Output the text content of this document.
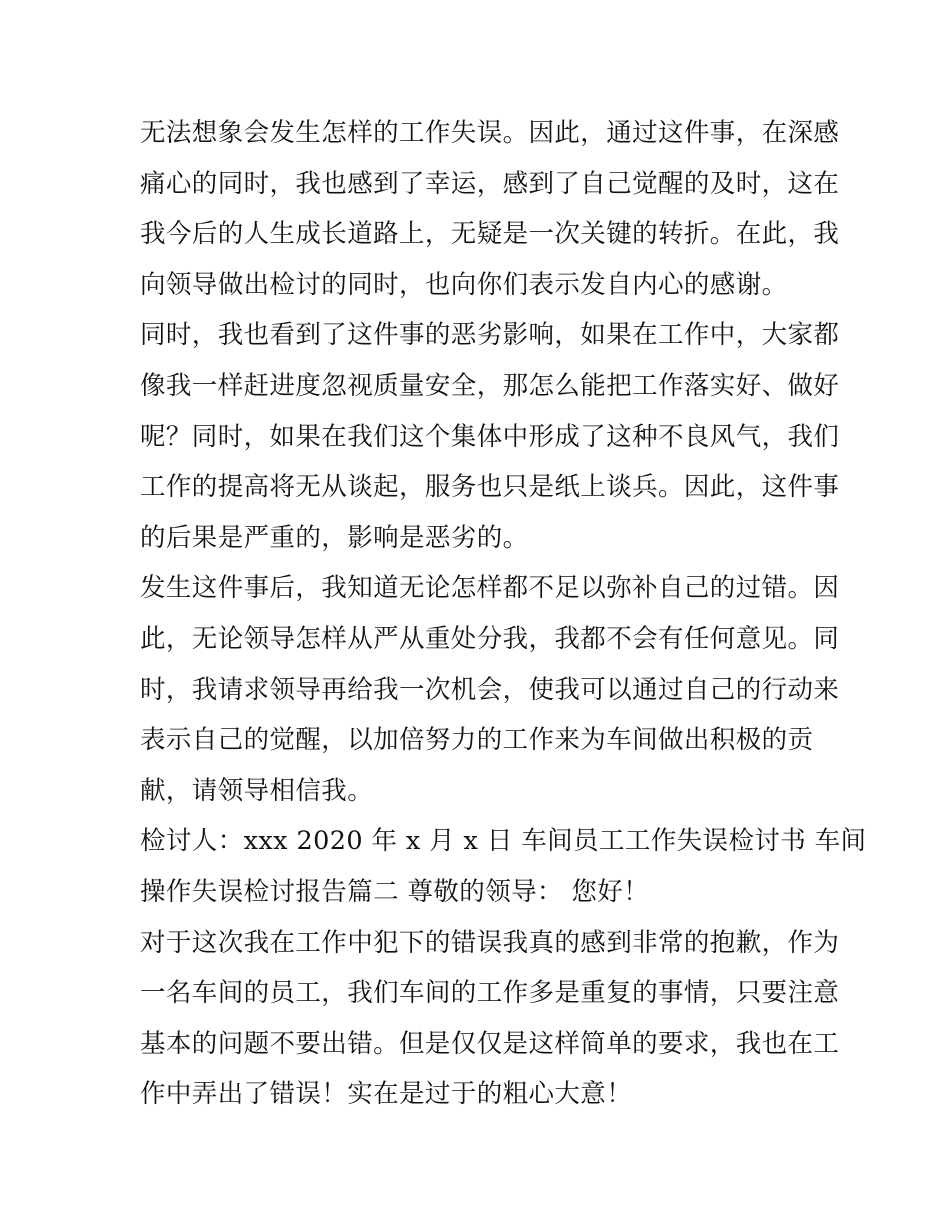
无法想象会发生怎样的工作失误。因此，通过这件事，在深感
痛心的同时，我也感到了幸运，感到了自己觉醒的及时，这在
我今后的人生成长道路上，无疑是一次关键的转折。在此，我
向领导做出检讨的同时，也向你们表示发自内心的感谢。
同时，我也看到了这件事的恶劣影响，如果在工作中，大家都
像我一样赶进度忽视质量安全，那怎么能把工作落实好、做好
呢？同时，如果在我们这个集体中形成了这种不良风气，我们
工作的提高将无从谈起，服务也只是纸上谈兵。因此，这件事
的后果是严重的，影响是恶劣的。
发生这件事后，我知道无论怎样都不足以弥补自己的过错。因
此，无论领导怎样从严从重处分我，我都不会有任何意见。同
时，我请求领导再给我一次机会，使我可以通过自己的行动来
表示自己的觉醒，以加倍努力的工作来为车间做出积极的贡
献，请领导相信我。
检讨人：xxx 2020 年 x 月 x 日 车间员工工作失误检讨书 车间
操作失误检讨报告篇二 尊敬的领导： 您好！
对于这次我在工作中犯下的错误我真的感到非常的抱歉，作为
一名车间的员工，我们车间的工作多是重复的事情，只要注意
基本的问题不要出错。但是仅仅是这样简单的要求，我也在工
作中弄出了错误！实在是过于的粗心大意！
